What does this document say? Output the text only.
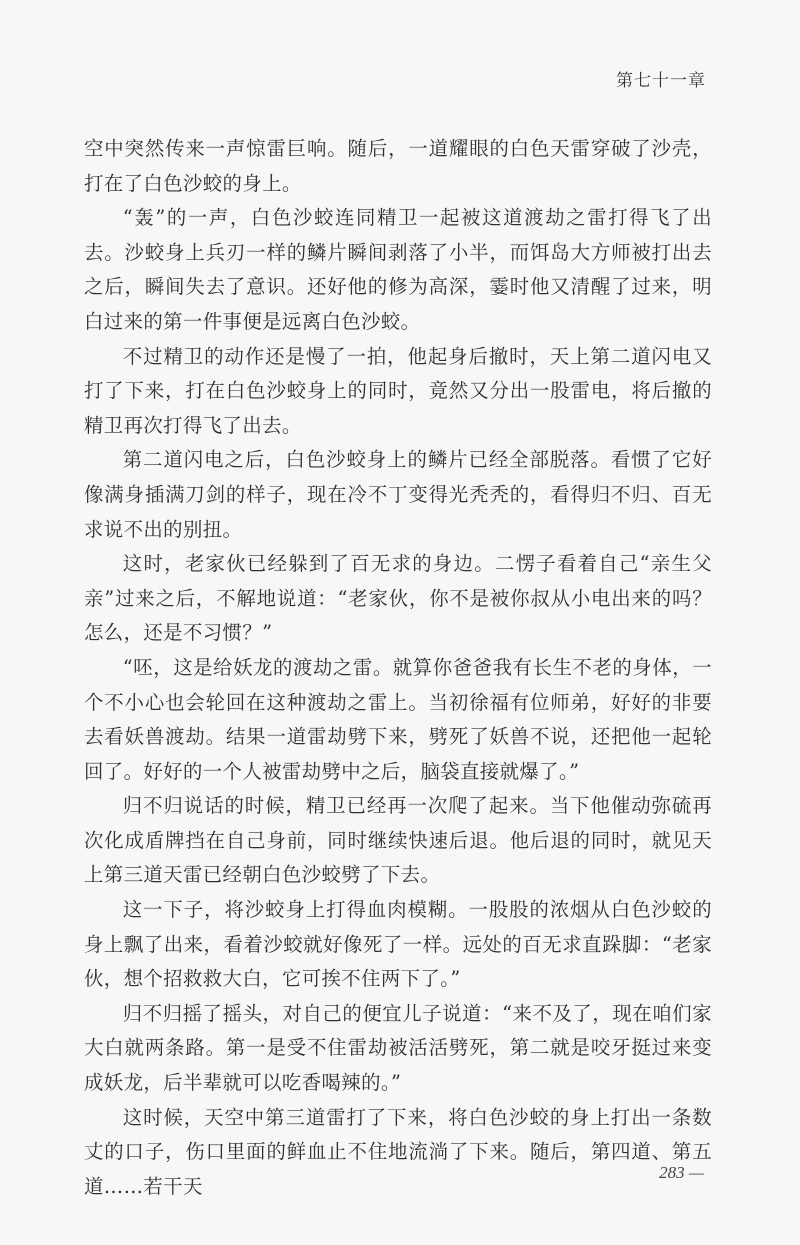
第七十一章

空中突然传来一声惊雷巨响。随后，一道耀眼的白色天雷穿破了沙壳，打在了白色沙蛟的身上。

“轰”的一声，白色沙蛟连同精卫一起被这道渡劫之雷打得飞了出去。沙蛟身上兵刃一样的鳞片瞬间剥落了小半，而饵岛大方师被打出去之后，瞬间失去了意识。还好他的修为高深，霎时他又清醒了过来，明白过来的第一件事便是远离白色沙蛟。

不过精卫的动作还是慢了一拍，他起身后撤时，天上第二道闪电又打了下来，打在白色沙蛟身上的同时，竟然又分出一股雷电，将后撤的精卫再次打得飞了出去。

第二道闪电之后，白色沙蛟身上的鳞片已经全部脱落。看惯了它好像满身插满刀剑的样子，现在冷不丁变得光秃秃的，看得归不归、百无求说不出的别扭。

这时，老家伙已经躲到了百无求的身边。二愣子看着自己“亲生父亲”过来之后，不解地说道：“老家伙，你不是被你叔从小电出来的吗？怎么，还是不习惯？”

“呸，这是给妖龙的渡劫之雷。就算你爸爸我有长生不老的身体，一个不小心也会轮回在这种渡劫之雷上。当初徐福有位师弟，好好的非要去看妖兽渡劫。结果一道雷劫劈下来，劈死了妖兽不说，还把他一起轮回了。好好的一个人被雷劫劈中之后，脑袋直接就爆了。”

归不归说话的时候，精卫已经再一次爬了起来。当下他催动弥硫再次化成盾牌挡在自己身前，同时继续快速后退。他后退的同时，就见天上第三道天雷已经朝白色沙蛟劈了下去。

这一下子，将沙蛟身上打得血肉模糊。一股股的浓烟从白色沙蛟的身上飘了出来，看着沙蛟就好像死了一样。远处的百无求直跺脚：“老家伙，想个招救救大白，它可挨不住两下了。”

归不归摇了摇头，对自己的便宜儿子说道：“来不及了，现在咱们家大白就两条路。第一是受不住雷劫被活活劈死，第二就是咬牙挺过来变成妖龙，后半辈就可以吃香喝辣的。”

这时候，天空中第三道雷打了下来，将白色沙蛟的身上打出一条数丈的口子，伤口里面的鲜血止不住地流淌了下来。随后，第四道、第五道……若干天

283 —
